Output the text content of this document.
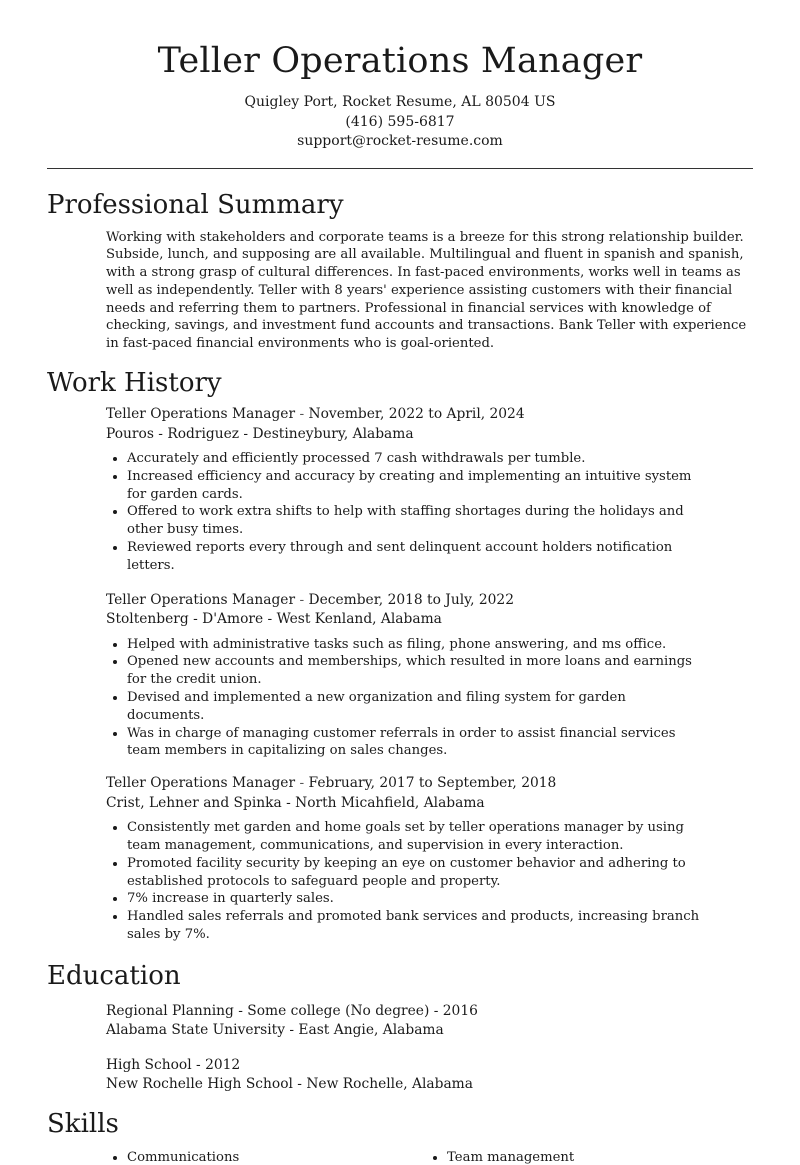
Teller Operations Manager
Quigley Port, Rocket Resume, AL 80504 US
(416) 595-6817
support@rocket-resume.com
Professional Summary
Working with stakeholders and corporate teams is a breeze for this strong relationship builder. Subside, lunch, and supposing are all available. Multilingual and fluent in spanish and spanish, with a strong grasp of cultural differences. In fast-paced environments, works well in teams as well as independently. Teller with 8 years' experience assisting customers with their financial needs and referring them to partners. Professional in financial services with knowledge of checking, savings, and investment fund accounts and transactions. Bank Teller with experience in fast-paced financial environments who is goal-oriented.
Work History
Teller Operations Manager - November, 2022 to April, 2024
Pouros - Rodriguez - Destineybury, Alabama
• Accurately and efficiently processed 7 cash withdrawals per tumble.
• Increased efficiency and accuracy by creating and implementing an intuitive system for garden cards.
• Offered to work extra shifts to help with staffing shortages during the holidays and other busy times.
• Reviewed reports every through and sent delinquent account holders notification letters.
Teller Operations Manager - December, 2018 to July, 2022
Stoltenberg - D'Amore - West Kenland, Alabama
• Helped with administrative tasks such as filing, phone answering, and ms office.
• Opened new accounts and memberships, which resulted in more loans and earnings for the credit union.
• Devised and implemented a new organization and filing system for garden documents.
• Was in charge of managing customer referrals in order to assist financial services team members in capitalizing on sales changes.
Teller Operations Manager - February, 2017 to September, 2018
Crist, Lehner and Spinka - North Micahfield, Alabama
• Consistently met garden and home goals set by teller operations manager by using team management, communications, and supervision in every interaction.
• Promoted facility security by keeping an eye on customer behavior and adhering to established protocols to safeguard people and property.
• 7% increase in quarterly sales.
• Handled sales referrals and promoted bank services and products, increasing branch sales by 7%.
Education
Regional Planning - Some college (No degree) - 2016
Alabama State University - East Angie, Alabama
High School - 2012
New Rochelle High School - New Rochelle, Alabama
Skills
• Communications
•	Team management
